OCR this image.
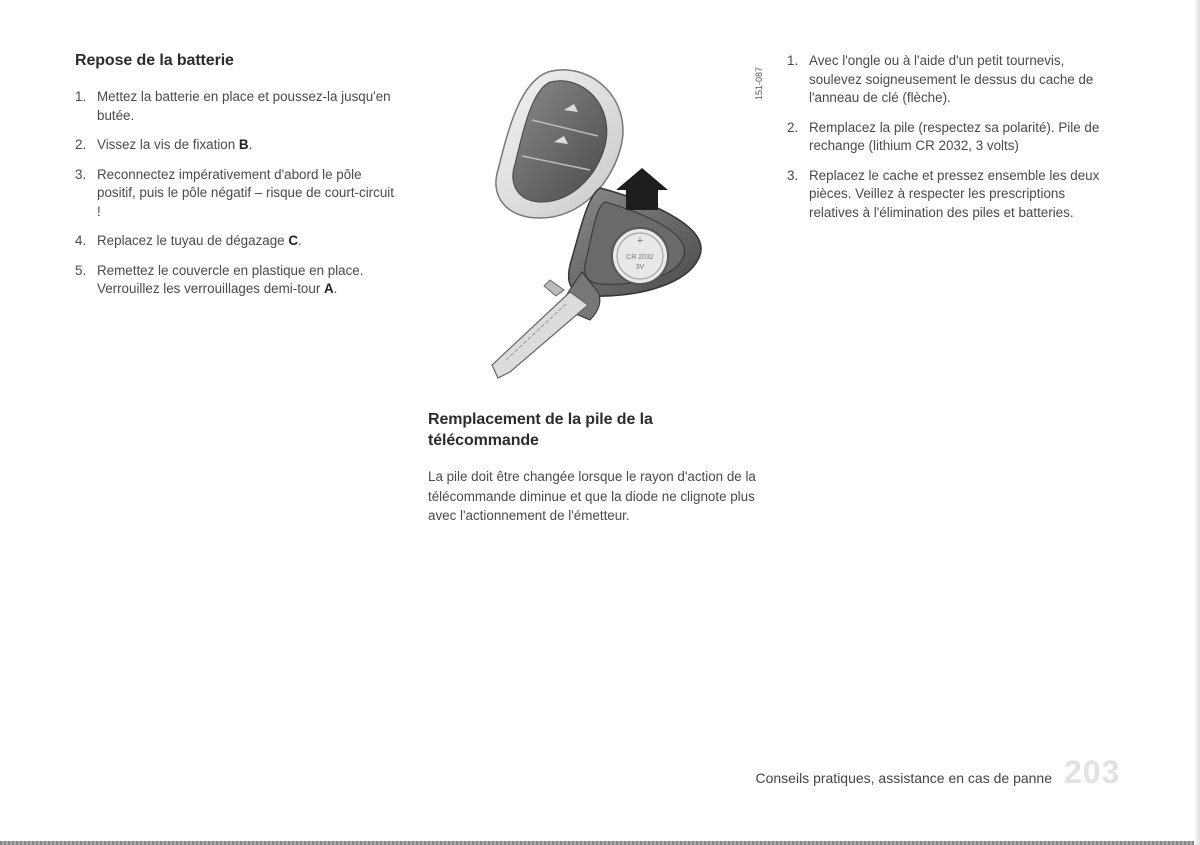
Repose de la batterie
1. Mettez la batterie en place et poussez-la jusqu'en butée.
2. Vissez la vis de fixation B.
3. Reconnectez impérativement d'abord le pôle positif, puis le pôle négatif – risque de court-circuit !
4. Replacez le tuyau de dégazage C.
5. Remettez le couvercle en plastique en place. Verrouillez les verrouillages demi-tour A.
+
CR 2032
3V
151-087
Remplacement de la pile de la télécommande

La pile doit être changée lorsque le rayon d'action de la télécommande diminue et que la diode ne clignote plus avec l'actionnement de l'émetteur.

1. Avec l'ongle ou à l'aide d'un petit tournevis, soulevez soigneusement le dessus du cache de l'anneau de clé (flèche).
2. Remplacez la pile (respectez sa polarité). Pile de rechange (lithium CR 2032, 3 volts)
3. Replacez le cache et pressez ensemble les deux pièces. Veillez à respecter les prescriptions relatives à l'élimination des piles et batteries.
Conseils pratiques, assistance en cas de panne 203
